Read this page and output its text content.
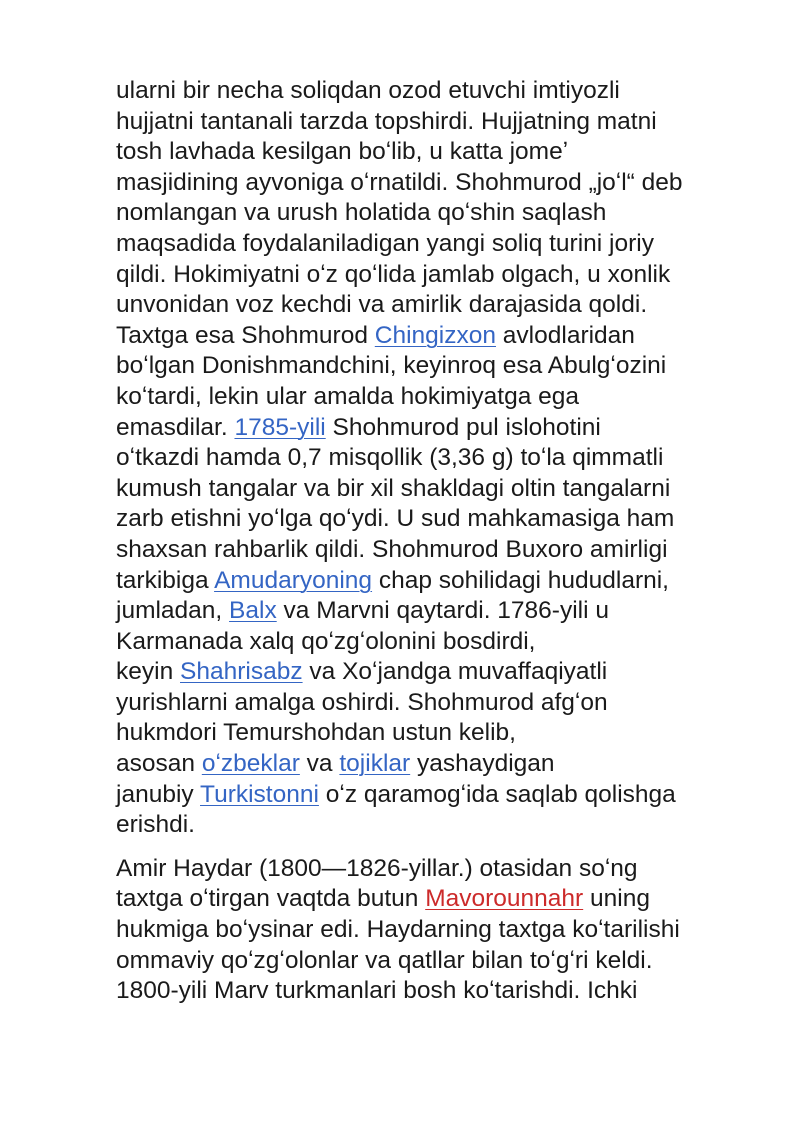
ularni bir necha soliqdan ozod etuvchi imtiyozli
hujjatni tantanali tarzda topshirdi. Hujjatning matni
tosh lavhada kesilgan boʻlib, u katta jomeʼ
masjidining ayvoniga oʻrnatildi. Shohmurod „joʻl“ deb
nomlangan va urush holatida qoʻshin saqlash
maqsadida foydalaniladigan yangi soliq turini joriy
qildi. Hokimiyatni oʻz qoʻlida jamlab olgach, u xonlik
unvonidan voz kechdi va amirlik darajasida qoldi.
Taxtga esa Shohmurod Chingizxon avlodlaridan
boʻlgan Donishmandchini, keyinroq esa Abulgʻozini
koʻtardi, lekin ular amalda hokimiyatga ega
emasdilar. 1785-yili Shohmurod pul islohotini
oʻtkazdi hamda 0,7 misqollik (3,36 g) toʻla qimmatli
kumush tangalar va bir xil shakldagi oltin tangalarni
zarb etishni yoʻlga qoʻydi. U sud mahkamasiga ham
shaxsan rahbarlik qildi. Shohmurod Buxoro amirligi
tarkibiga Amudaryoning chap sohilidagi hududlarni,
jumladan, Balx va Marvni qaytardi. 1786-yili u
Karmanada xalq qoʻzgʻolonini bosdirdi,
keyin Shahrisabz va Xoʻjandga muvaffaqiyatli
yurishlarni amalga oshirdi. Shohmurod afgʻon
hukmdori Temurshohdan ustun kelib,
asosan oʻzbeklar va tojiklar yashaydigan
janubiy Turkistonni oʻz qaramogʻida saqlab qolishga
erishdi.

Amir Haydar (1800—1826-yillar.) otasidan soʻng
taxtga oʻtirgan vaqtda butun Mavorounnahr uning
hukmiga boʻysinar edi. Haydarning taxtga koʻtarilishi
ommaviy qoʻzgʻolonlar va qatllar bilan toʻgʻri keldi.
1800-yili Marv turkmanlari bosh koʻtarishdi. Ichki
